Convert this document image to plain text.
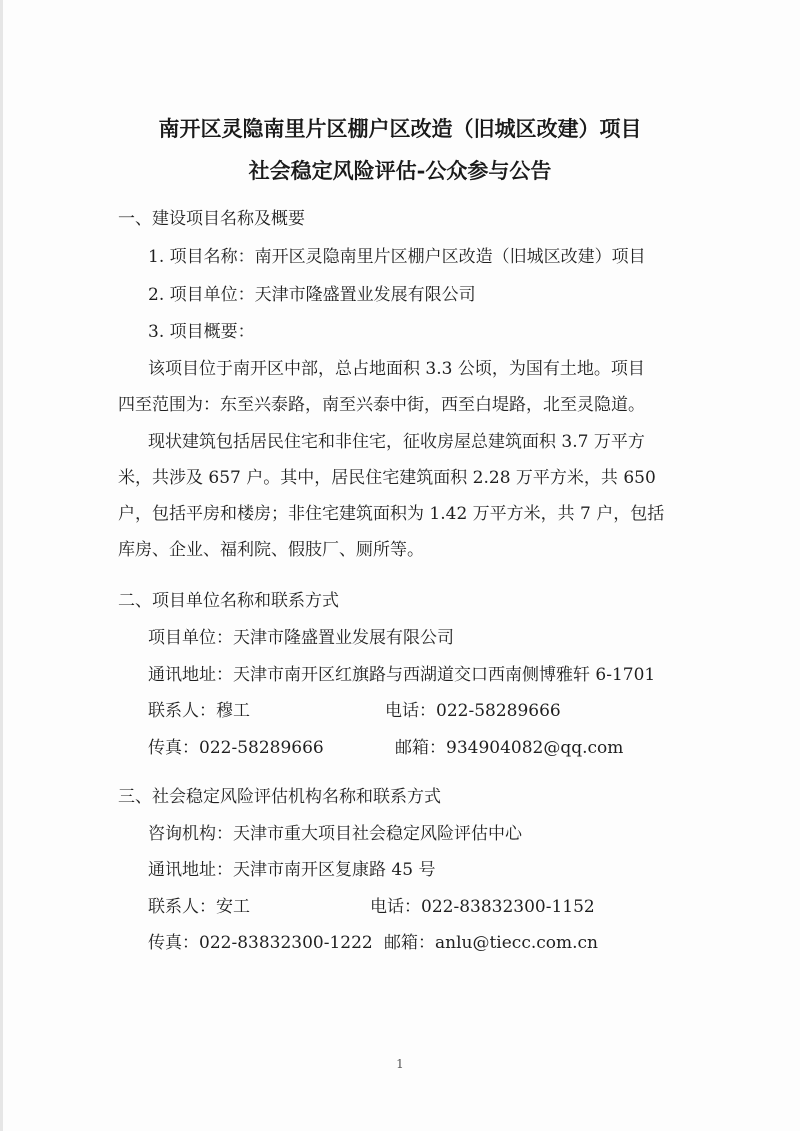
南开区灵隐南里片区棚户区改造（旧城区改建）项目
社会稳定风险评估-公众参与公告
一、建设项目名称及概要
1. 项目名称：南开区灵隐南里片区棚户区改造（旧城区改建）项目
2. 项目单位：天津市隆盛置业发展有限公司
3. 项目概要：
该项目位于南开区中部，总占地面积 3.3 公顷，为国有土地。项目
四至范围为：东至兴泰路，南至兴泰中街，西至白堤路，北至灵隐道。
现状建筑包括居民住宅和非住宅，征收房屋总建筑面积 3.7 万平方
米，共涉及 657 户。其中，居民住宅建筑面积 2.28 万平方米，共 650
户，包括平房和楼房；非住宅建筑面积为 1.42 万平方米，共 7 户，包括
库房、企业、福利院、假肢厂、厕所等。
二、项目单位名称和联系方式
项目单位：天津市隆盛置业发展有限公司
通讯地址：天津市南开区红旗路与西湖道交口西南侧博雅轩 6-1701
联系人：穆工	电话：022-58289666
传真：022-58289666	邮箱：934904082@qq.com
三、社会稳定风险评估机构名称和联系方式
咨询机构：天津市重大项目社会稳定风险评估中心
通讯地址：天津市南开区复康路 45 号
联系人：安工	电话：022-83832300-1152
传真：022-83832300-1222 邮箱：anlu@tiecc.com.cn
1
